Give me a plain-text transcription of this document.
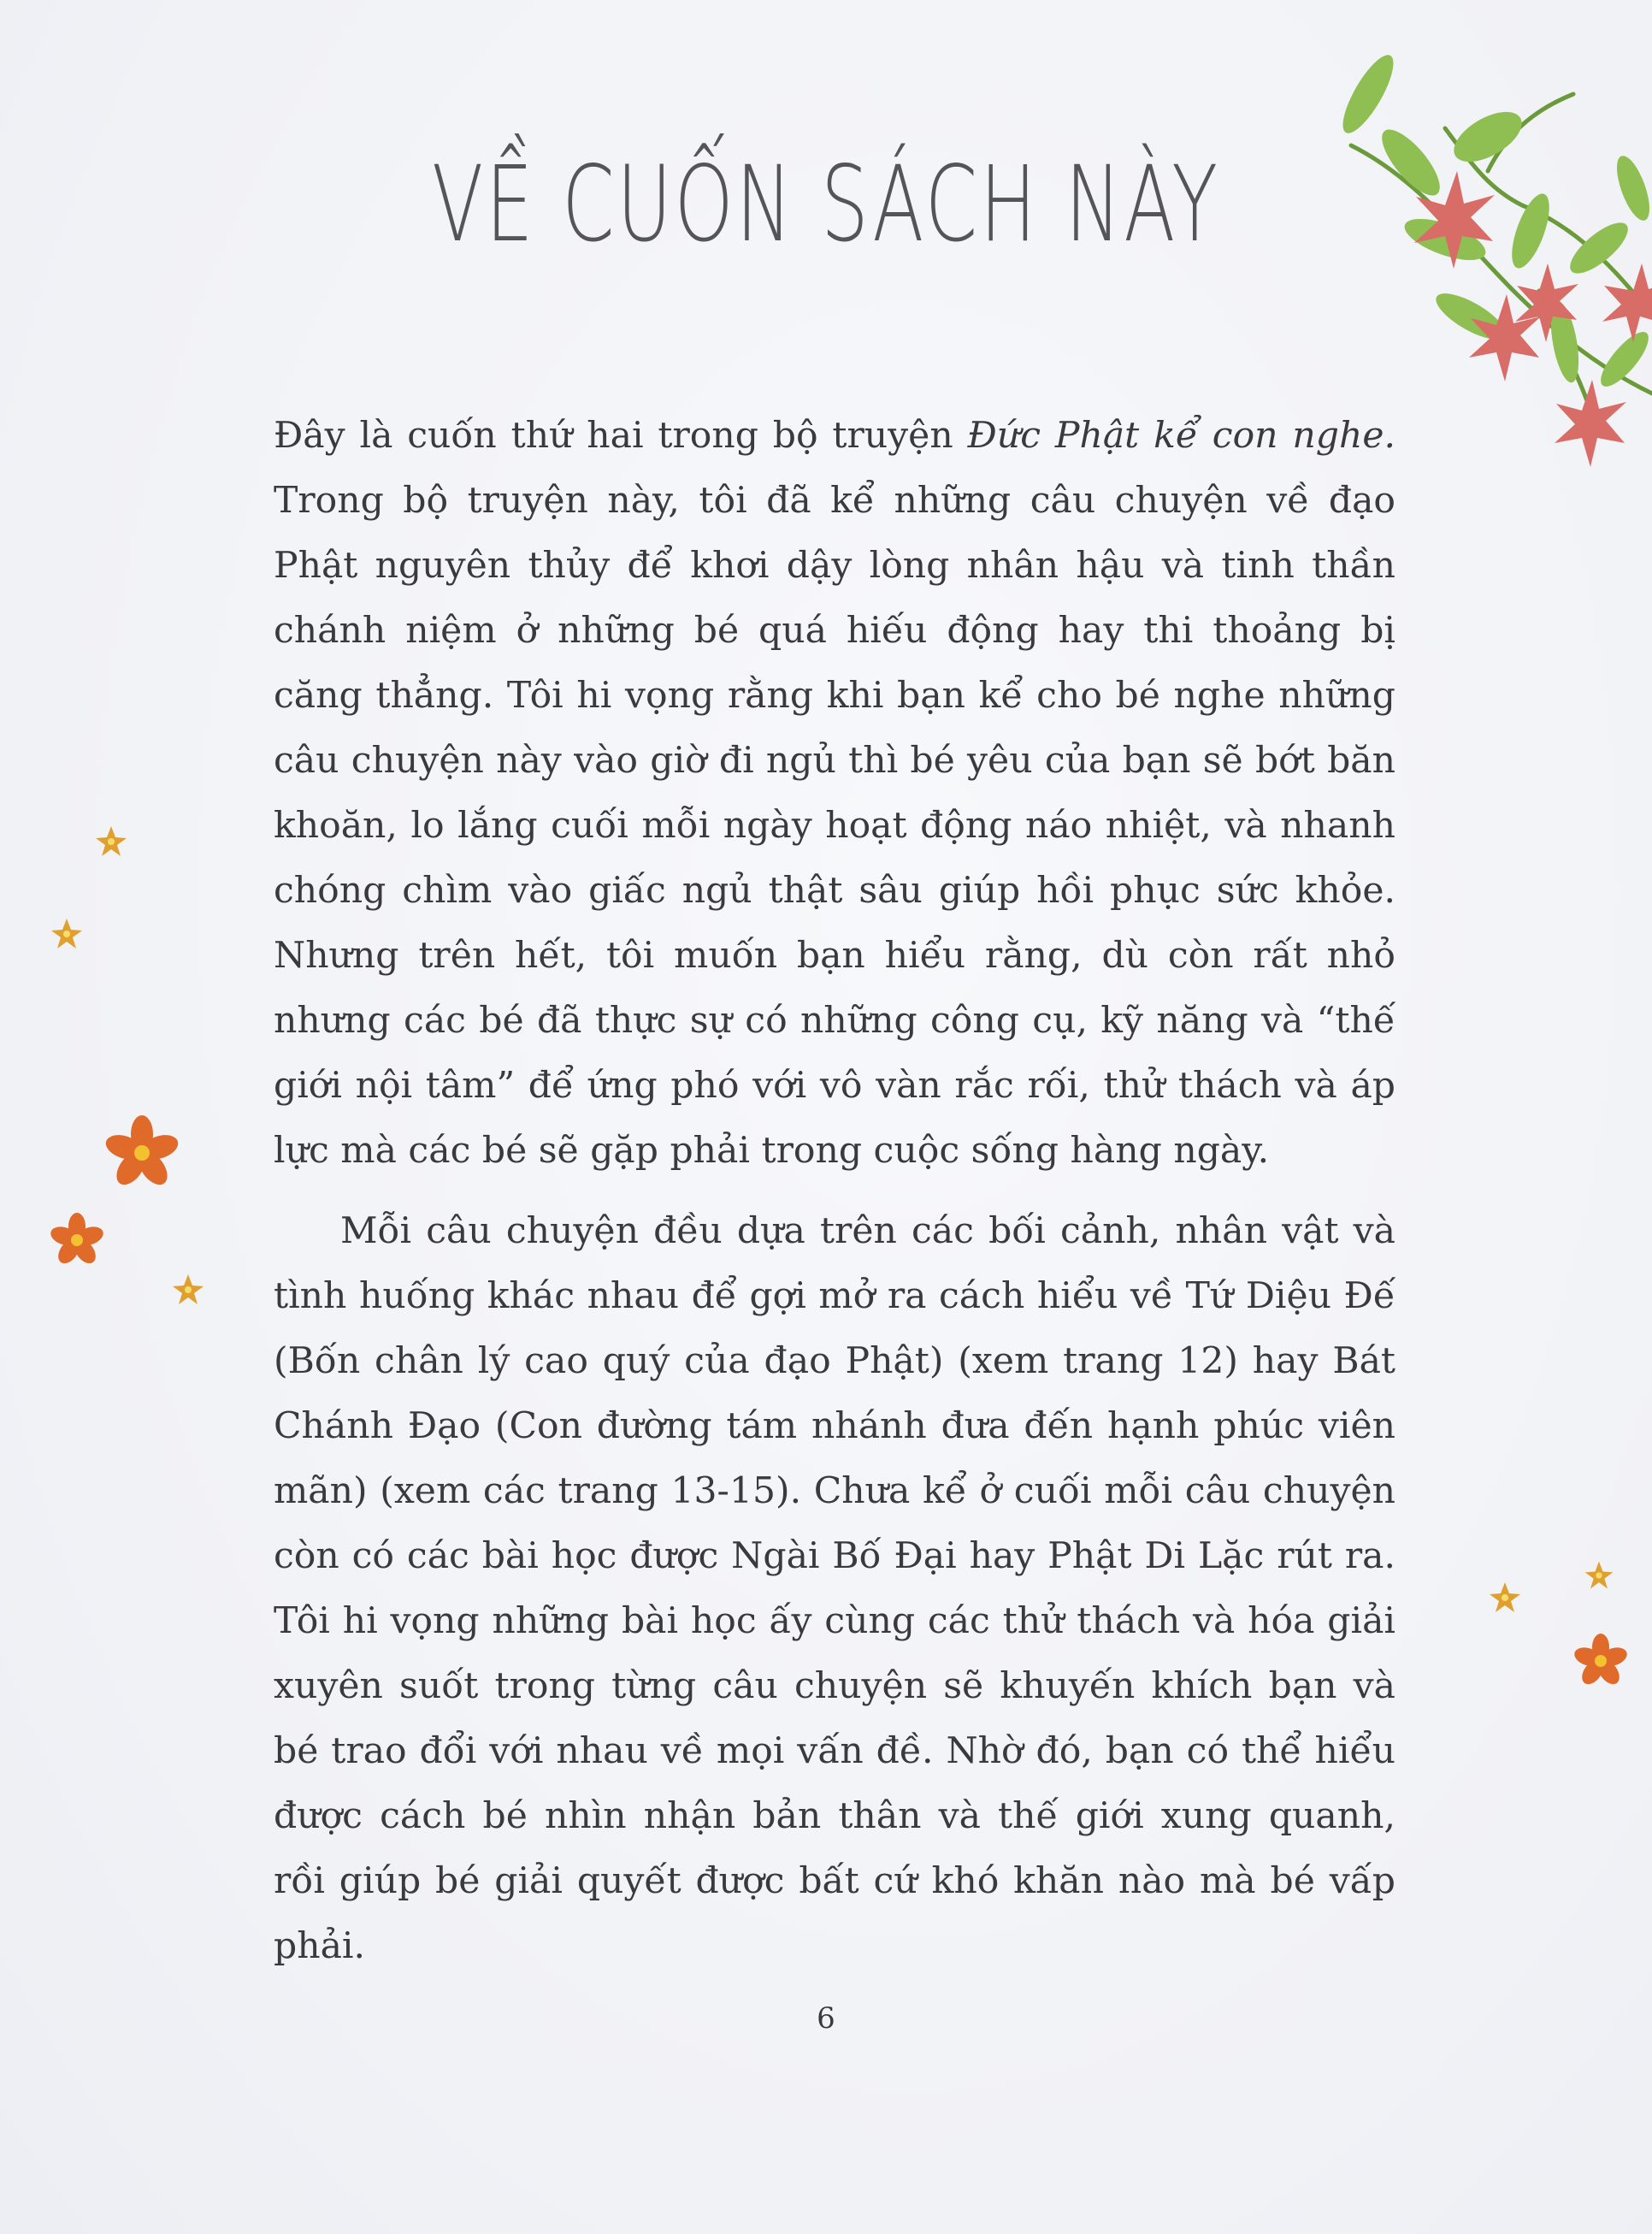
VỀ CUỐN SÁCH NÀY

Đây là cuốn thứ hai trong bộ truyện Đức Phật kể con nghe. Trong bộ truyện này, tôi đã kể những câu chuyện về đạo Phật nguyên thủy để khơi dậy lòng nhân hậu và tinh thần chánh niệm ở những bé quá hiếu động hay thi thoảng bị căng thẳng. Tôi hi vọng rằng khi bạn kể cho bé nghe những câu chuyện này vào giờ đi ngủ thì bé yêu của bạn sẽ bớt băn khoăn, lo lắng cuối mỗi ngày hoạt động náo nhiệt, và nhanh chóng chìm vào giấc ngủ thật sâu giúp hồi phục sức khỏe. Nhưng trên hết, tôi muốn bạn hiểu rằng, dù còn rất nhỏ nhưng các bé đã thực sự có những công cụ, kỹ năng và “thế giới nội tâm” để ứng phó với vô vàn rắc rối, thử thách và áp lực mà các bé sẽ gặp phải trong cuộc sống hàng ngày.

Mỗi câu chuyện đều dựa trên các bối cảnh, nhân vật và tình huống khác nhau để gợi mở ra cách hiểu về Tứ Diệu Đế (Bốn chân lý cao quý của đạo Phật) (xem trang 12) hay Bát Chánh Đạo (Con đường tám nhánh đưa đến hạnh phúc viên mãn) (xem các trang 13-15). Chưa kể ở cuối mỗi câu chuyện còn có các bài học được Ngài Bố Đại hay Phật Di Lặc rút ra. Tôi hi vọng những bài học ấy cùng các thử thách và hóa giải xuyên suốt trong từng câu chuyện sẽ khuyến khích bạn và bé trao đổi với nhau về mọi vấn đề. Nhờ đó, bạn có thể hiểu được cách bé nhìn nhận bản thân và thế giới xung quanh, rồi giúp bé giải quyết được bất cứ khó khăn nào mà bé vấp phải.

6
